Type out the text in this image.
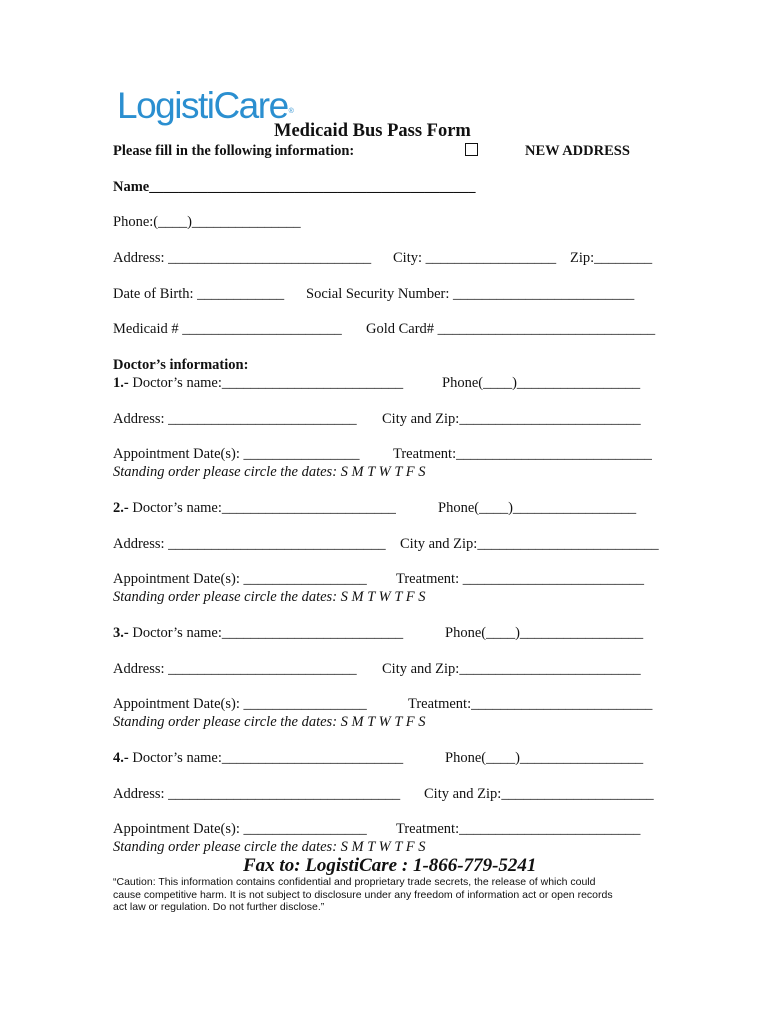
LogistiCare®
Medicaid Bus Pass Form
Please fill in the following information:	NEW ADDRESS
Name_____________________________________________
Phone:(____)_______________
Address: ____________________________ City: __________________ Zip:________
Date of Birth: ____________ Social Security Number: _________________________
Medicaid # ______________________ Gold Card# ______________________________
Doctor’s information:
1.- Doctor’s name:_________________________	Phone(____)_________________
Address: __________________________ City and Zip:_________________________
Appointment Date(s): ________________ Treatment:___________________________
Standing order please circle the dates: S M T W T F S
2.- Doctor’s name:________________________	Phone(____)_________________
Address: ______________________________ City and Zip:_________________________
Appointment Date(s): _________________ Treatment: _________________________
Standing order please circle the dates: S M T W T F S
3.- Doctor’s name:_________________________	Phone(____)_________________
Address: __________________________ City and Zip:_________________________
Appointment Date(s): _________________	Treatment:_________________________
Standing order please circle the dates: S M T W T F S
4.- Doctor’s name:_________________________	Phone(____)_________________
Address: ________________________________ City and Zip:_____________________
Appointment Date(s): _________________ Treatment:_________________________
Standing order please circle the dates: S M T W T F S
Fax to: LogistiCare : 1-866-779-5241
“Caution: This information contains confidential and proprietary trade secrets, the release of which could cause competitive harm. It is not subject to disclosure under any freedom of information act or open records act law or regulation. Do not further disclose.”
